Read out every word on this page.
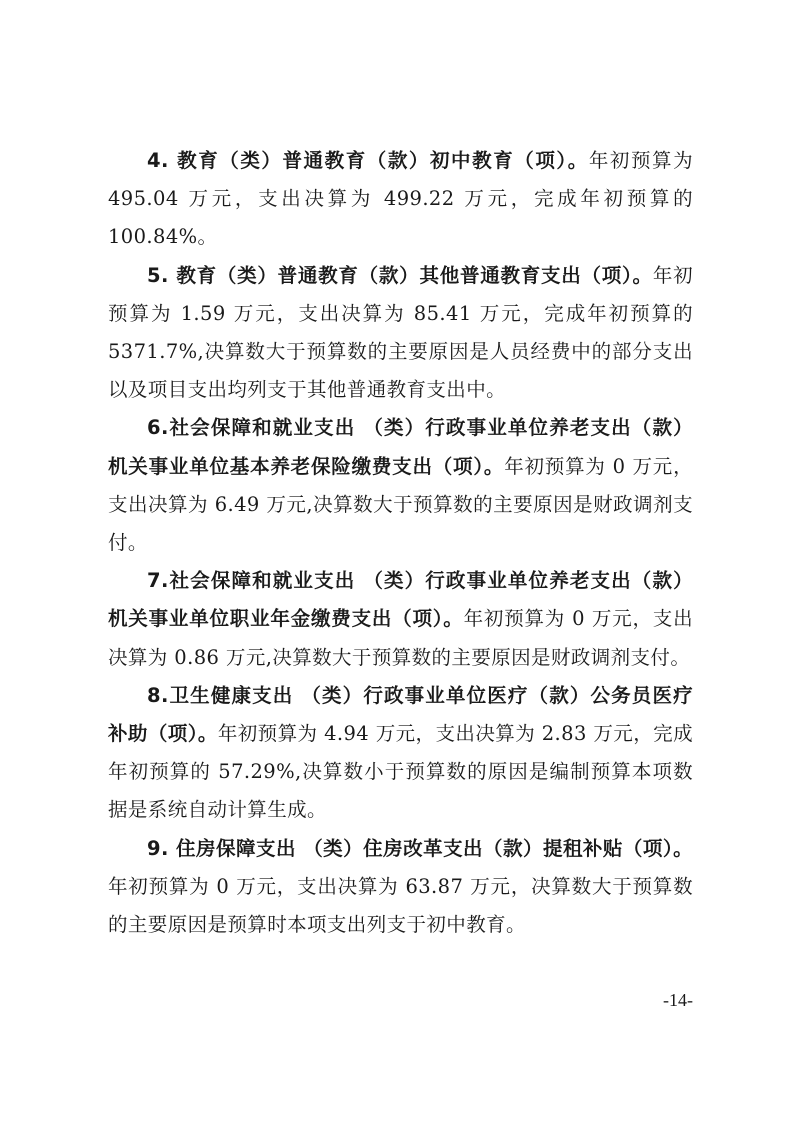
4. 教育（类）普通教育（款）初中教育（项）。年初预算为 495.04 万元，支出决算为 499.22 万元，完成年初预算的 100.84%。

5. 教育（类）普通教育（款）其他普通教育支出（项）。年初预算为 1.59 万元，支出决算为 85.41 万元，完成年初预算的 5371.7%,决算数大于预算数的主要原因是人员经费中的部分支出以及项目支出均列支于其他普通教育支出中。

6.社会保障和就业支出 （类）行政事业单位养老支出（款）机关事业单位基本养老保险缴费支出（项）。年初预算为 0 万元，支出决算为 6.49 万元,决算数大于预算数的主要原因是财政调剂支付。

7.社会保障和就业支出 （类）行政事业单位养老支出（款）机关事业单位职业年金缴费支出（项）。年初预算为 0 万元，支出决算为 0.86 万元,决算数大于预算数的主要原因是财政调剂支付。

8.卫生健康支出 （类）行政事业单位医疗（款）公务员医疗补助（项）。年初预算为 4.94 万元，支出决算为 2.83 万元，完成年初预算的 57.29%,决算数小于预算数的原因是编制预算本项数据是系统自动计算生成。

9. 住房保障支出 （类）住房改革支出（款）提租补贴（项）。年初预算为 0 万元，支出决算为 63.87 万元，决算数大于预算数的主要原因是预算时本项支出列支于初中教育。

-14-
